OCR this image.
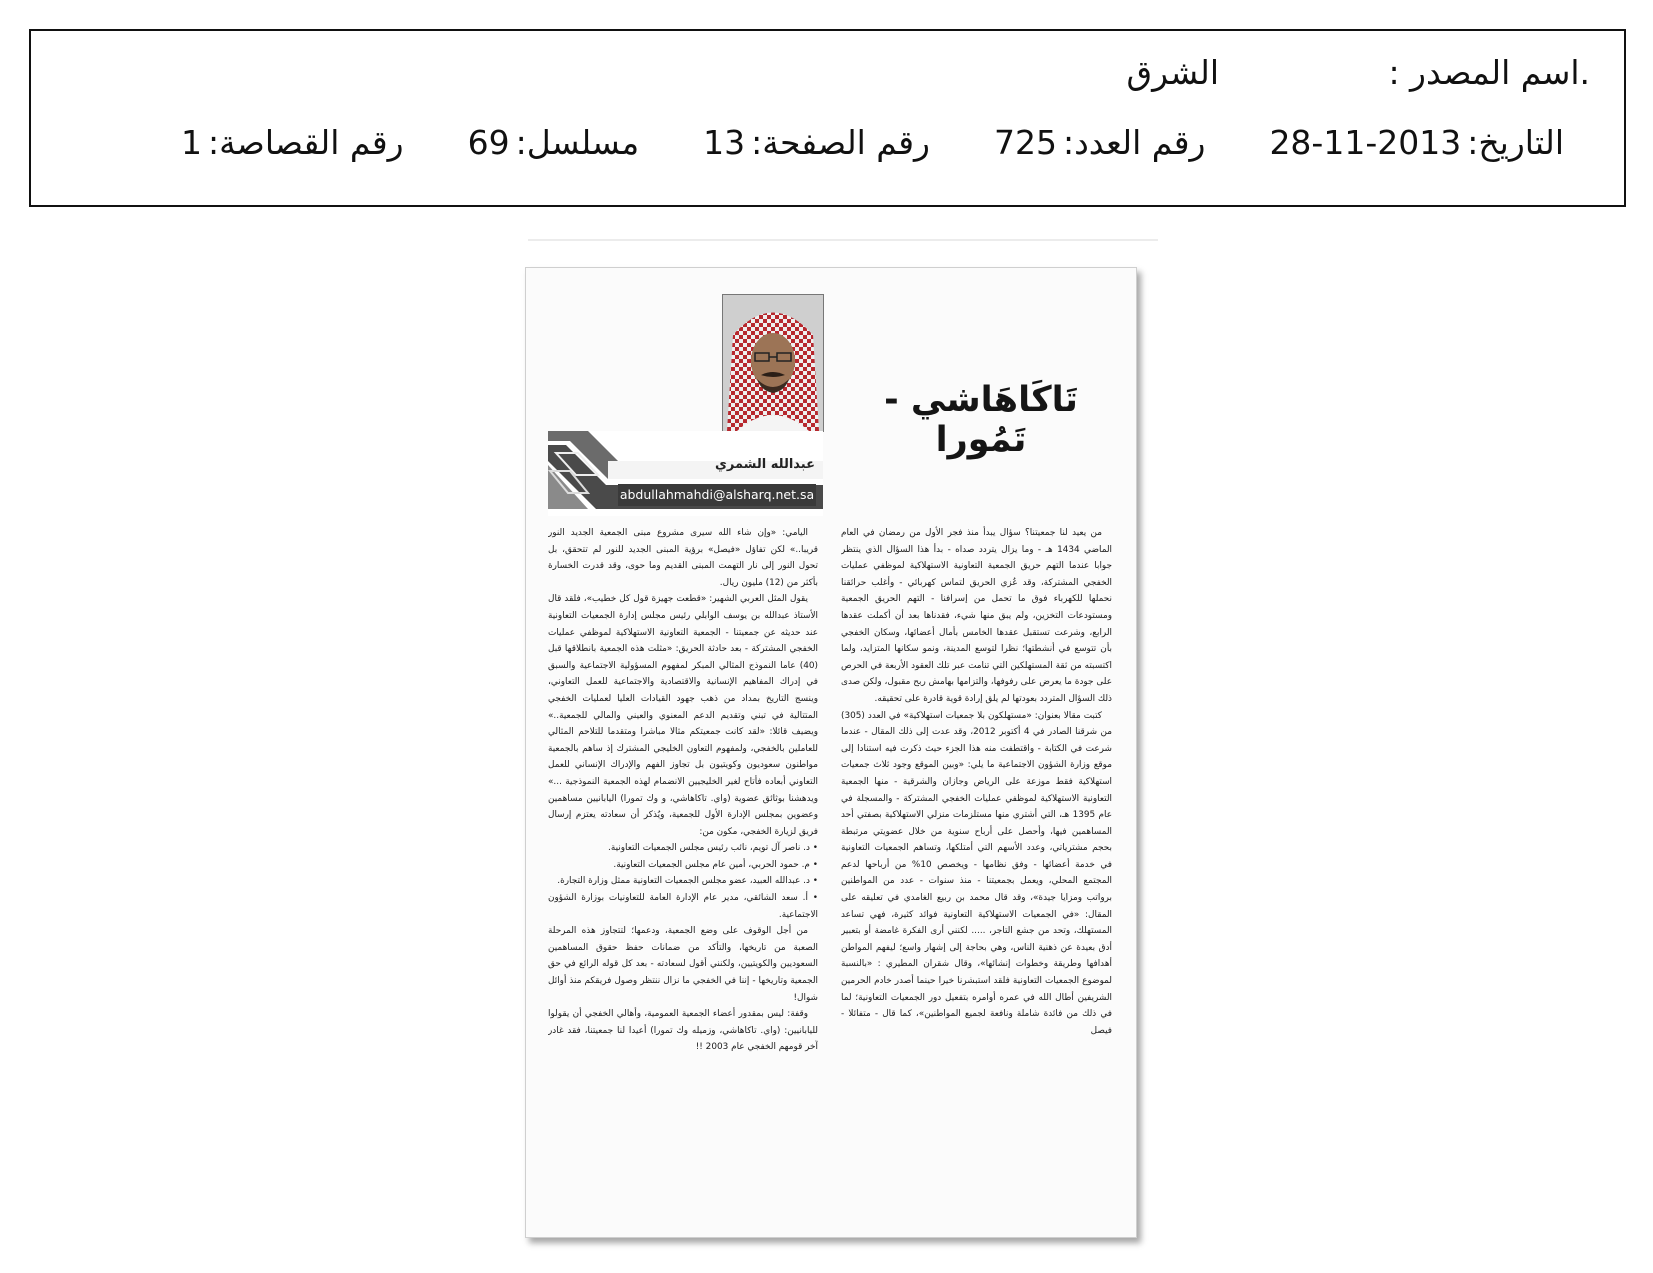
.اسم المصدر :
الشرق
التاريخ:28-11-2013
رقم العدد:725
رقم الصفحة:13
مسلسل:69
رقم القصاصة:1
تَاكَاهَاشي - تَمُورا
عبدالله الشمري
abdullahmahdi@alsharq.net.sa

من يعيد لنا جمعيتنا؟ سؤال يبدأ منذ فجر الأول من رمضان في العام الماضي 1434 هـ - وما يزال يتردد صداه - بدأ هذا السؤال الذي ينتظر جوابا عندما التهم حريق الجمعية التعاونية الاستهلاكية لموظفي عمليات الخفجي المشتركة، وقد عُزي الحريق لتماس كهربائي - وأغلب حرائقنا نحملها للكهرباء فوق ما تحمل من إسرافنا - التهم الحريق الجمعية ومستودعات التخزين، ولم يبق منها شيء، فقدناها بعد أن أكملت عقدها الرابع، وشرعت تستقبل عقدها الخامس بأمال أعضائها، وسكان الخفجي بأن تتوسع في أنشطتها؛ نظرا لتوسع المدينة، ونمو سكانها المتزايد، ولما اكتسبته من ثقة المستهلكين التي تنامت عبر تلك العقود الأربعة في الحرص على جودة ما يعرض على رفوفها، والتزامها بهامش ربح مقبول، ولكن صدى ذلك السؤال المتردد بعودتها لم يلق إرادة قوية قادرة على تحقيقه.

كتبت مقالا بعنوان: «مستهلكون بلا جمعيات استهلاكية» في العدد (305) من شرقنا الصادر في 4 أكتوبر 2012، وقد عدت إلى ذلك المقال - عندما شرعت في الكتابة - واقتطفت منه هذا الجزء حيث ذكرت فيه استنادا إلى موقع وزارة الشؤون الاجتماعية ما يلي: «وبين الموقع وجود ثلاث جمعيات استهلاكية فقط موزعة على الرياض وجازان والشرقية - منها الجمعية التعاونية الاستهلاكية لموظفي عمليات الخفجي المشتركة - والمسجلة في عام 1395 هـ، التي أشتري منها مستلزمات منزلي الاستهلاكية بصفتي أحد المساهمين فيها، وأحصل على أرباح سنوية من خلال عضويتي مرتبطة بحجم مشترياتي، وعدد الأسهم التي أمتلكها، وتساهم الجمعيات التعاونية في خدمة أعضائها - وفق نظامها - ويخصص 10% من أرباحها لدعم المجتمع المحلي، ويعمل بجمعيتنا - منذ سنوات - عدد من المواطنين برواتب ومزايا جيدة»، وقد قال محمد بن ربيع الغامدي في تعليقه على المقال: «في الجمعيات الاستهلاكية التعاونية فوائد كثيرة، فهي تساعد المستهلك، وتحد من جشع التاجر، ..... لكنني أرى الفكرة غامضة أو بتعبير أدق بعيدة عن ذهنية الناس، وهي بحاجة إلى إشهار واسع؛ ليفهم المواطن أهدافها وطريقة وخطوات إنشائها»، وقال شقران المطيري : «بالنسبة لموضوع الجمعيات التعاونية فلقد استبشرنا خيرا حينما أصدر خادم الحرمين الشريفين أطال الله في عمره أوامره بتفعيل دور الجمعيات التعاونية؛ لما في ذلك من فائدة شاملة ونافعة لجميع المواطنين»، كما قال - متفائلا - فيصل

اليامي: «وإن شاء الله سيرى مشروع مبنى الجمعية الجديد النور قريبا..» لكن تفاؤل «فيصل» برؤية المبنى الجديد للنور لم تتحقق، بل تحول النور إلى نار التهمت المبنى القديم وما حوى، وقد قدرت الخسارة بأكثر من (12) مليون ريال.

يقول المثل العربي الشهير: «قطعت جهيزة قول كل خطيب»، فلقد قال الأستاذ عبدالله بن يوسف الوابلي رئيس مجلس إدارة الجمعيات التعاونية عند حديثه عن جمعيتنا - الجمعية التعاونية الاستهلاكية لموظفي عمليات الخفجي المشتركة - بعد حادثة الحريق: «مثلت هذه الجمعية بانطلاقها قبل (40) عاما النموذج المثالي المبكر لمفهوم المسؤولية الاجتماعية والسبق في إدراك المفاهيم الإنسانية والاقتصادية والاجتماعية للعمل التعاوني، وينسج التاريخ بمداد من ذهب جهود القيادات العليا لعمليات الخفجي المتتالية في تبني وتقديم الدعم المعنوي والعيني والمالي للجمعية..» ويضيف قائلا: «لقد كانت جمعيتكم مثالا مباشرا ومتقدما للتلاحم المثالي للعاملين بالخفجي، ولمفهوم التعاون الخليجي المشترك إذ ساهم بالجمعية مواطنون سعوديون وكويتيون بل تجاوز الفهم والإدراك الإنساني للعمل التعاوني أبعاده فأتاح لغير الخليجيين الانضمام لهذه الجمعية النموذجية ...» ويدهشنا بوثائق عضوية (واي. تاكاهاشي، و وك تمورا) اليابانيين مساهمين وعضوين بمجلس الإدارة الأول للجمعية، ويُذكر أن سعادته يعتزم إرسال فريق لزيارة الخفجي، مكون من:

• د. ناصر آل تويم، نائب رئيس مجلس الجمعيات التعاونية.

• م. حمود الحربي، أمين عام مجلس الجمعيات التعاونية.

• د. عبدالله العبيد، عضو مجلس الجمعيات التعاونية ممثل وزارة التجارة.

• أ. سعد الشائقي، مدير عام الإدارة العامة للتعاونيات بوزارة الشؤون الاجتماعية.

من أجل الوقوف على وضع الجمعية، ودعمها؛ لتتجاوز هذه المرحلة الصعبة من تاريخها، والتأكد من ضمانات حفظ حقوق المساهمين السعوديين والكويتيين، ولكنني أقول لسعادته - بعد كل قوله الرائع في حق الجمعية وتاريخها - إننا في الخفجي ما نزال ننتظر وصول فريقكم منذ أوائل شوال!

وقفة: ليس بمقدور أعضاء الجمعية العمومية، وأهالي الخفجي أن يقولوا لليابانيين: (واي. تاكاهاشي، وزميله وك تمورا) أعيدا لنا جمعيتنا، فقد غادر آخر قومهم الخفجي عام 2003 !!
